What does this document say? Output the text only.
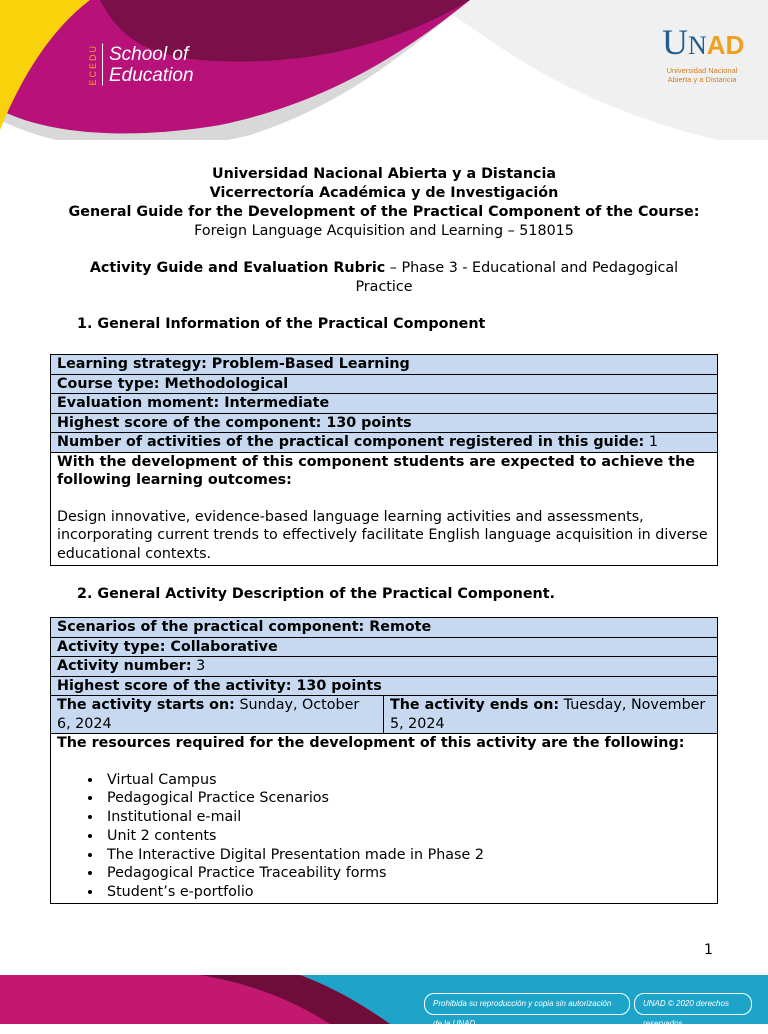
ECEDU School of
Education
UNAD
Universidad Nacional
Abierta y a Distancia
Universidad Nacional Abierta y a Distancia
Vicerrectoría Académica y de Investigación
General Guide for the Development of the Practical Component of the Course:
Foreign Language Acquisition and Learning – 518015
Activity Guide and Evaluation Rubric – Phase 3 - Educational and Pedagogical
Practice
1. General Information of the Practical Component
Learning strategy: Problem-Based Learning
Course type: Methodological
Evaluation moment: Intermediate
Highest score of the component: 130 points
Number of activities of the practical component registered in this guide: 1
With the development of this component students are expected to achieve the following learning outcomes:
Design innovative, evidence-based language learning activities and assessments, incorporating current trends to effectively facilitate English language acquisition in diverse educational contexts.
2. General Activity Description of the Practical Component.
Scenarios of the practical component: Remote
Activity type: Collaborative
Activity number: 3
Highest score of the activity: 130 points
The activity starts on: Sunday, October 6, 2024	The activity ends on: Tuesday, November 5, 2024
The resources required for the development of this activity are the following:
• Virtual Campus
• Pedagogical Practice Scenarios
• Institutional e-mail
• Unit 2 contents
• The Interactive Digital Presentation made in Phase 2
• Pedagogical Practice Traceability forms
• Student’s e-portfolio
1
Prohibida su reproducción y copia sin autorización de la UNAD.
UNAD © 2020 derechos reservados.
